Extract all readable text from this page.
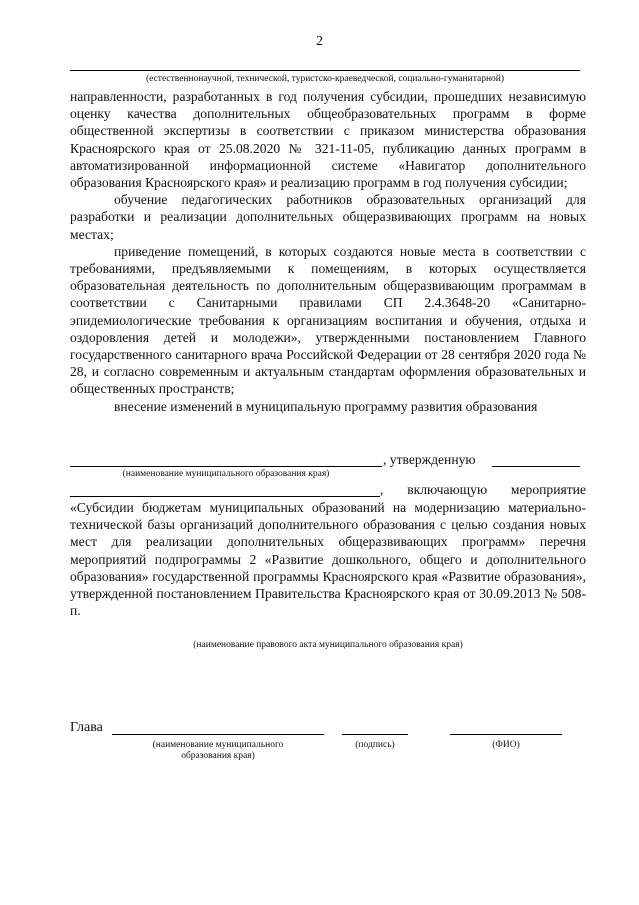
2
(естественнонаучной, технической, туристско-краеведческой, социально-гуманитарной)

направленности, разработанных в год получения субсидии, прошедших независимую оценку качества дополнительных общеобразовательных программ в форме общественной экспертизы в соответствии с приказом министерства образования Красноярского края от 25.08.2020 № 321-11-05, публикацию данных программ в автоматизированной информационной системе «Навигатор дополнительного образования Красноярского края» и реализацию программ в год получения субсидии;

обучение педагогических работников образовательных организаций для разработки и реализации дополнительных общеразвивающих программ на новых местах;

приведение помещений, в которых создаются новые места в соответствии с требованиями, предъявляемыми к помещениям, в которых осуществляется образовательная деятельность по дополнительным общеразвивающим программам в соответствии с Санитарными правилами СП 2.4.3648-20 «Санитарно-эпидемиологические требования к организациям воспитания и обучения, отдыха и оздоровления детей и молодежи», утвержденными постановлением Главного государственного санитарного врача Российской Федерации от 28 сентября 2020 года № 28, и согласно современным и актуальным стандартам оформления образовательных и общественных пространств;

внесение изменений в муниципальную программу развития образования

, утвержденную
(наименование муниципального образования края)
, включающую мероприятие

«Субсидии бюджетам муниципальных образований на модернизацию материально-технической базы организаций дополнительного образования с целью создания новых мест для реализации дополнительных общеразвивающих программ» перечня мероприятий подпрограммы 2 «Развитие дошкольного, общего и дополнительного образования» государственной программы Красноярского края «Развитие образования», утвержденной постановлением Правительства Красноярского края от 30.09.2013 № 508-п.

(наименование правового акта муниципального образования края)
Глава
(наименование муниципального
образования края)
(подпись)	(ФИО)
